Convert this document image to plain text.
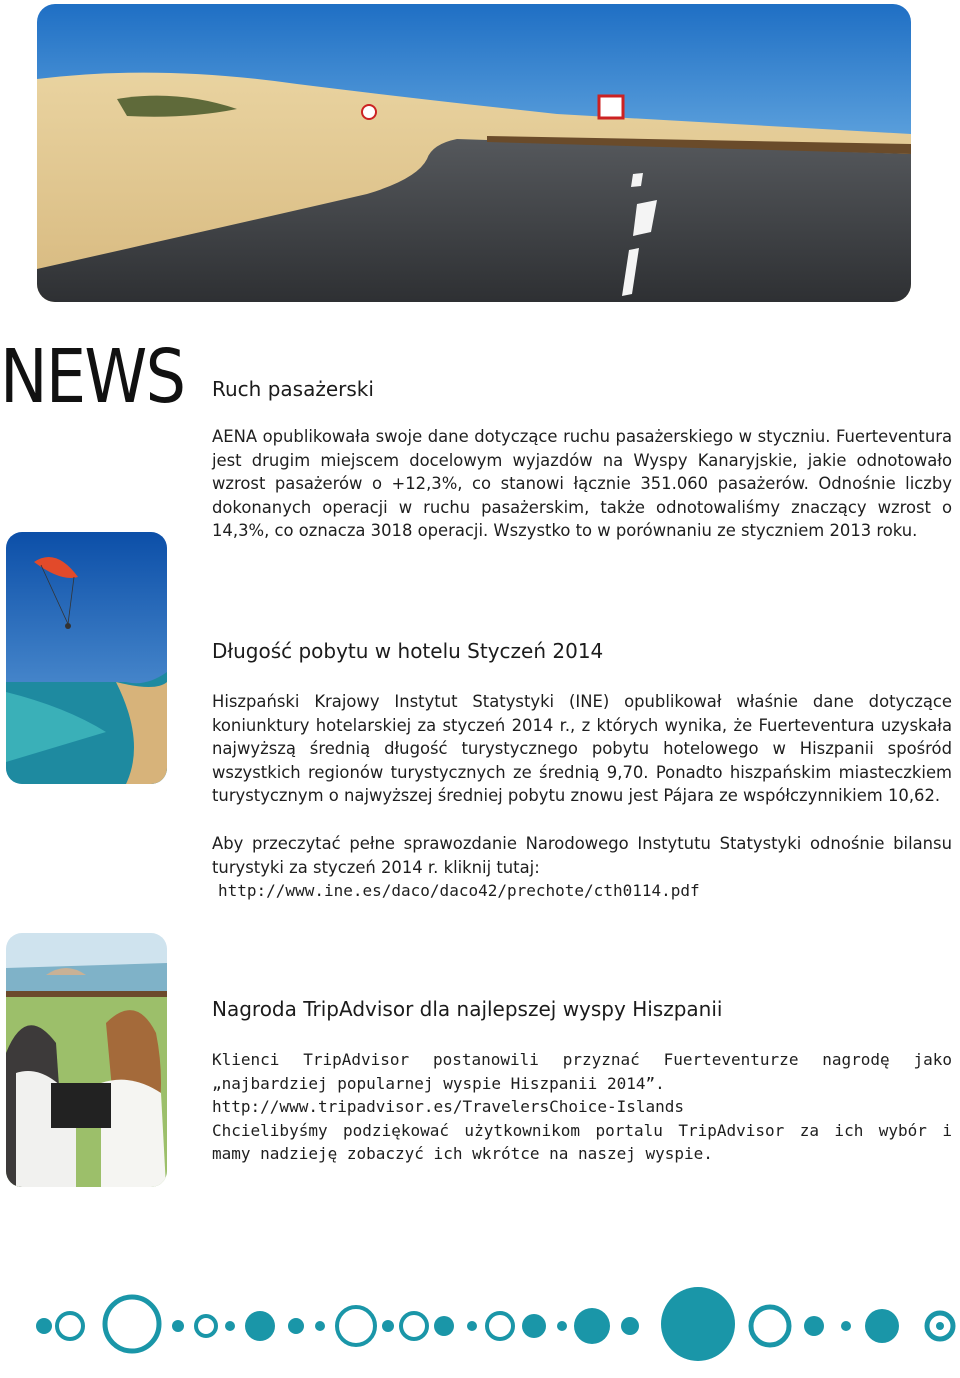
NEWS Ruch pasażerski

AENA opublikowała swoje dane dotyczące ruchu pasażerskiego w styczniu. Fuerteventura jest drugim miejscem docelowym wyjazdów na Wyspy Kanaryjskie, jakie odnotowało wzrost pasażerów o +12,3%, co stanowi łącznie 351.060 pasażerów. Odnośnie liczby dokonanych operacji w ruchu pasażerskim, także odnotowaliśmy znaczący wzrost o 14,3%, co oznacza 3018 operacji. Wszystko to w porównaniu ze styczniem 2013 roku.

Długość pobytu w hotelu Styczeń 2014

Hiszpański Krajowy Instytut Statystyki (INE) opublikował właśnie dane dotyczące koniunktury hotelarskiej za styczeń 2014 r., z których wynika, że Fuerteventura uzyskała najwyższą średnią długość turystycznego pobytu hotelowego w Hiszpanii spośród wszystkich regionów turystycznych ze średnią 9,70. Ponadto hiszpańskim miasteczkiem turystycznym o najwyższej średniej pobytu znowu jest Pájara ze współczynnikiem 10,62.

Aby przeczytać pełne sprawozdanie Narodowego Instytutu Statystyki odnośnie bilansu turystyki za styczeń 2014 r. kliknij tutaj:

http://www.ine.es/daco/daco42/prechote/cth0114.pdf
Nagroda TripAdvisor dla najlepszej wyspy Hiszpanii

Klienci TripAdvisor postanowili przyznać Fuerteventurze nagrodę jako „najbardziej popularnej wyspie Hiszpanii 2014”.

http://www.tripadvisor.es/TravelersChoice-Islands

Chcielibyśmy podziękować użytkownikom portalu TripAdvisor za ich wybór i mamy nadzieję zobaczyć ich wkrótce na naszej wyspie.
